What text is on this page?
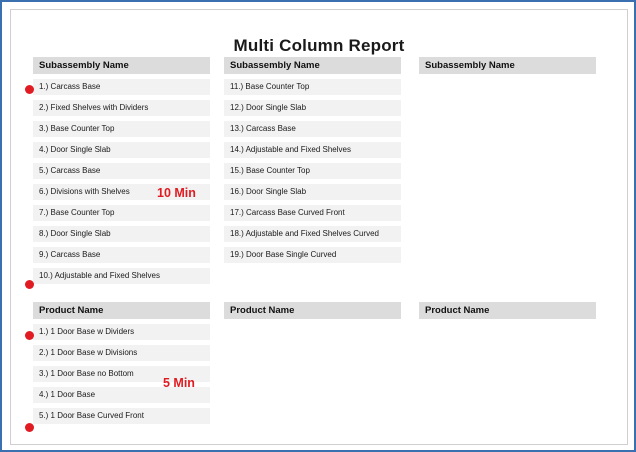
Multi Column Report
Subassembly Name
1.) Carcass Base
2.) Fixed Shelves with Dividers
3.) Base Counter Top
4.) Door Single Slab
5.) Carcass Base
6.) Divisions with Shelves
7.) Base Counter Top
8.) Door Single Slab
9.) Carcass Base
10.) Adjustable and Fixed Shelves
Subassembly Name
11.) Base Counter Top
12.) Door Single Slab
13.) Carcass Base
14.) Adjustable and Fixed Shelves
15.) Base Counter Top
16.) Door Single Slab
17.) Carcass Base Curved Front
18.) Adjustable and Fixed Shelves Curved
19.) Door Base Single Curved
Subassembly Name
Product Name
1.) 1 Door Base w Dividers
2.) 1 Door Base w Divisions
3.) 1 Door Base no Bottom
4.) 1 Door Base
5.) 1 Door Base Curved Front
Product Name	Product Name
10 Min
5 Min
